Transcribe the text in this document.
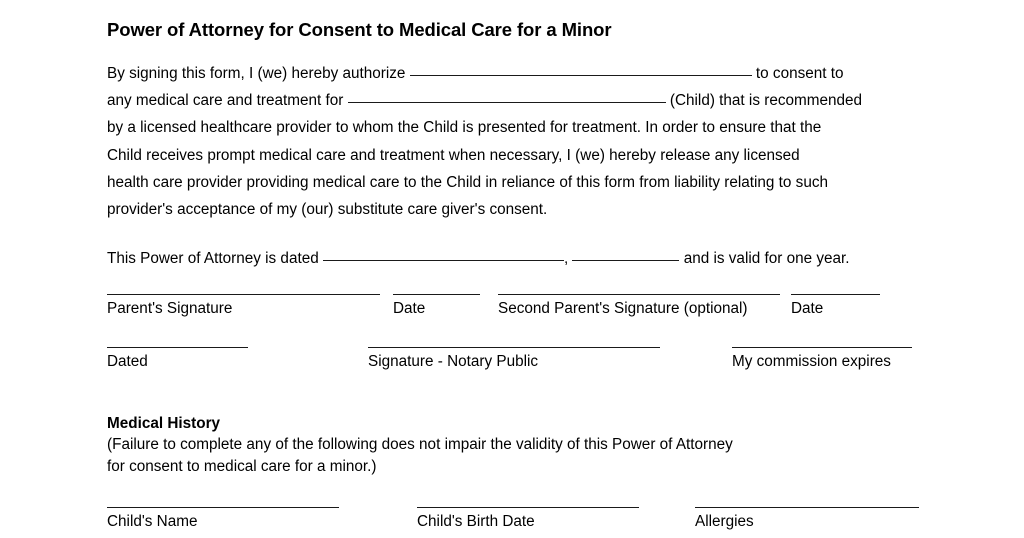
Power of Attorney for Consent to Medical Care for a Minor
By signing this form, I (we) hereby authorize	to consent to
any medical care and treatment for	(Child) that is recommended
by a licensed healthcare provider to whom the Child is presented for treatment. In order to ensure that the
Child receives prompt medical care and treatment when necessary, I (we) hereby release any licensed
health care provider providing medical care to the Child in reliance of this form from liability relating to such
provider's acceptance of my (our) substitute care giver's consent.
This Power of Attorney is dated	,	and is valid for one year.
Parent's Signature	Date	Second Parent's Signature (optional)	Date
Dated	Signature - Notary Public	My commission expires

Medical History

(Failure to complete any of the following does not impair the validity of this Power of Attorney
for consent to medical care for a minor.)

Child's Name	Child's Birth Date	Allergies
